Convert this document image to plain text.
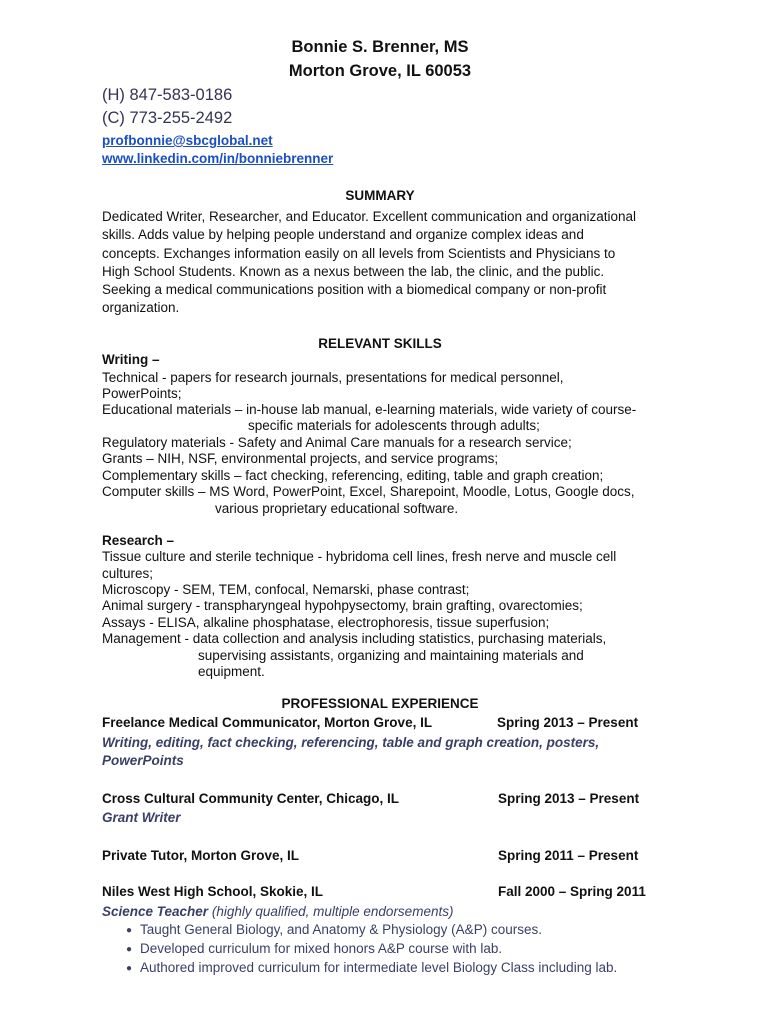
Bonnie S. Brenner, MS
Morton Grove, IL 60053
(H) 847-583-0186
(C) 773-255-2492
profbonnie@sbcglobal.net
www.linkedin.com/in/bonniebrenner
SUMMARY
Dedicated Writer, Researcher, and Educator. Excellent communication and organizational
skills. Adds value by helping people understand and organize complex ideas and
concepts. Exchanges information easily on all levels from Scientists and Physicians to
High School Students. Known as a nexus between the lab, the clinic, and the public.
Seeking a medical communications position with a biomedical company or non-profit
organization.
RELEVANT SKILLS
Writing –
Technical - papers for research journals, presentations for medical personnel,
PowerPoints;
Educational materials – in-house lab manual, e-learning materials, wide variety of course-
specific materials for adolescents through adults;
Regulatory materials - Safety and Animal Care manuals for a research service;
Grants – NIH, NSF, environmental projects, and service programs;
Complementary skills – fact checking, referencing, editing, table and graph creation;
Computer skills – MS Word, PowerPoint, Excel, Sharepoint, Moodle, Lotus, Google docs,
various proprietary educational software.
Research –
Tissue culture and sterile technique - hybridoma cell lines, fresh nerve and muscle cell
cultures;
Microscopy - SEM, TEM, confocal, Nemarski, phase contrast;
Animal surgery - transpharyngeal hypohpysectomy, brain grafting, ovarectomies;
Assays - ELISA, alkaline phosphatase, electrophoresis, tissue superfusion;
Management - data collection and analysis including statistics, purchasing materials,
supervising assistants, organizing and maintaining materials and
equipment.
PROFESSIONAL EXPERIENCE
Freelance Medical Communicator, Morton Grove, IL	Spring 2013 – Present
Writing, editing, fact checking, referencing, table and graph creation, posters,
PowerPoints
Cross Cultural Community Center, Chicago, IL	Spring 2013 – Present
Grant Writer
Private Tutor, Morton Grove, IL	Spring 2011 – Present
Niles West High School, Skokie, IL	Fall 2000 – Spring 2011
Science Teacher (highly qualified, multiple endorsements)
● Taught General Biology, and Anatomy & Physiology (A&P) courses.
● Developed curriculum for mixed honors A&P course with lab.
● Authored improved curriculum for intermediate level Biology Class including lab.
